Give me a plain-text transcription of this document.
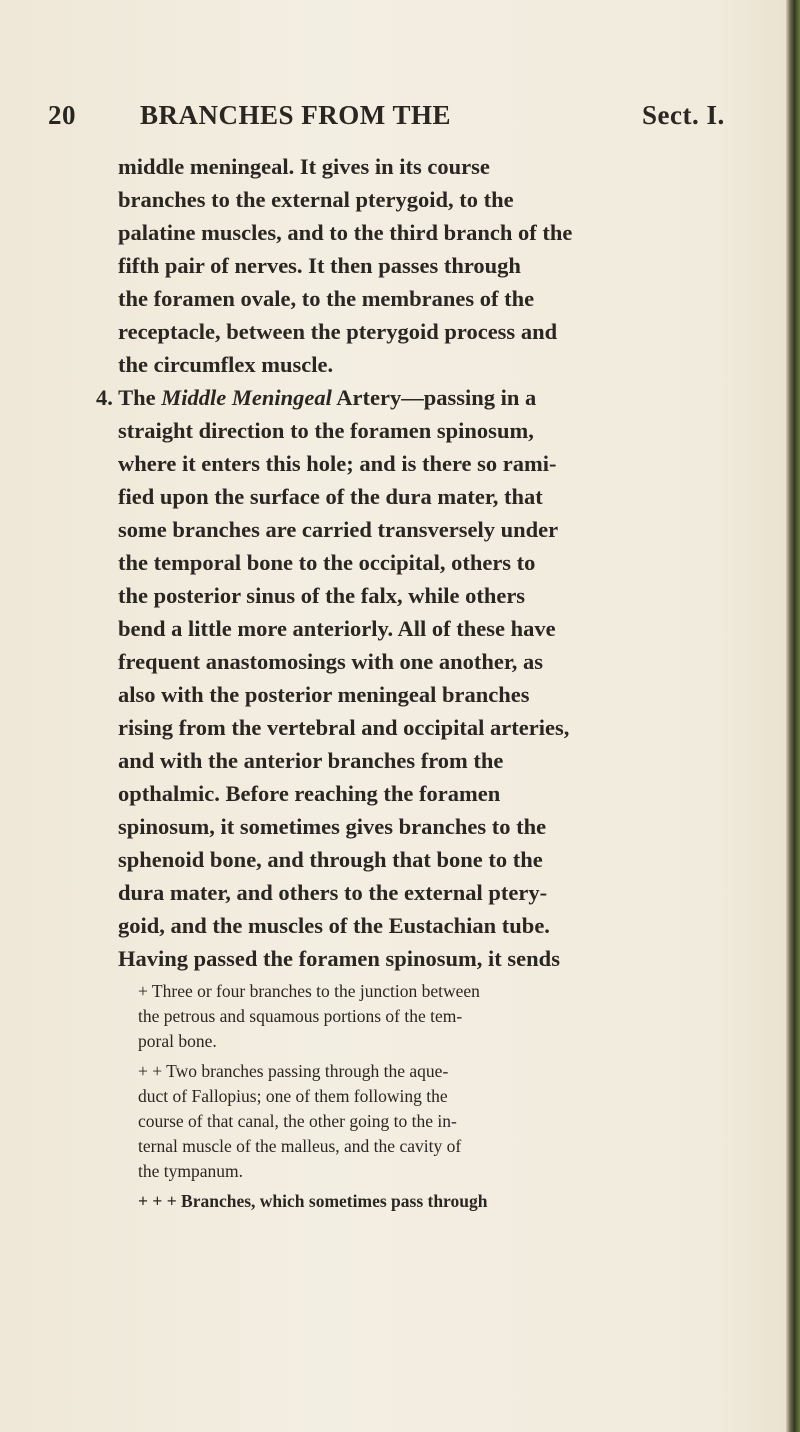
20 BRANCHES FROM THE	Sect. I.
middle meningeal. It gives in its course
branches to the external pterygoid, to the
palatine muscles, and to the third branch of the
fifth pair of nerves. It then passes through
the foramen ovale, to the membranes of the
receptacle, between the pterygoid process and
the circumflex muscle.
4. The Middle Meningeal Artery—passing in a
straight direction to the foramen spinosum,
where it enters this hole; and is there so rami-
fied upon the surface of the dura mater, that
some branches are carried transversely under
the temporal bone to the occipital, others to
the posterior sinus of the falx, while others
bend a little more anteriorly. All of these have
frequent anastomosings with one another, as
also with the posterior meningeal branches
rising from the vertebral and occipital arteries,
and with the anterior branches from the
opthalmic. Before reaching the foramen
spinosum, it sometimes gives branches to the
sphenoid bone, and through that bone to the
dura mater, and others to the external ptery-
goid, and the muscles of the Eustachian tube.
Having passed the foramen spinosum, it sends
+ Three or four branches to the junction between
the petrous and squamous portions of the tem-
poral bone.
+ + Two branches passing through the aque-
duct of Fallopius; one of them following the
course of that canal, the other going to the in-
ternal muscle of the malleus, and the cavity of
the tympanum.
+ + + Branches, which sometimes pass through
